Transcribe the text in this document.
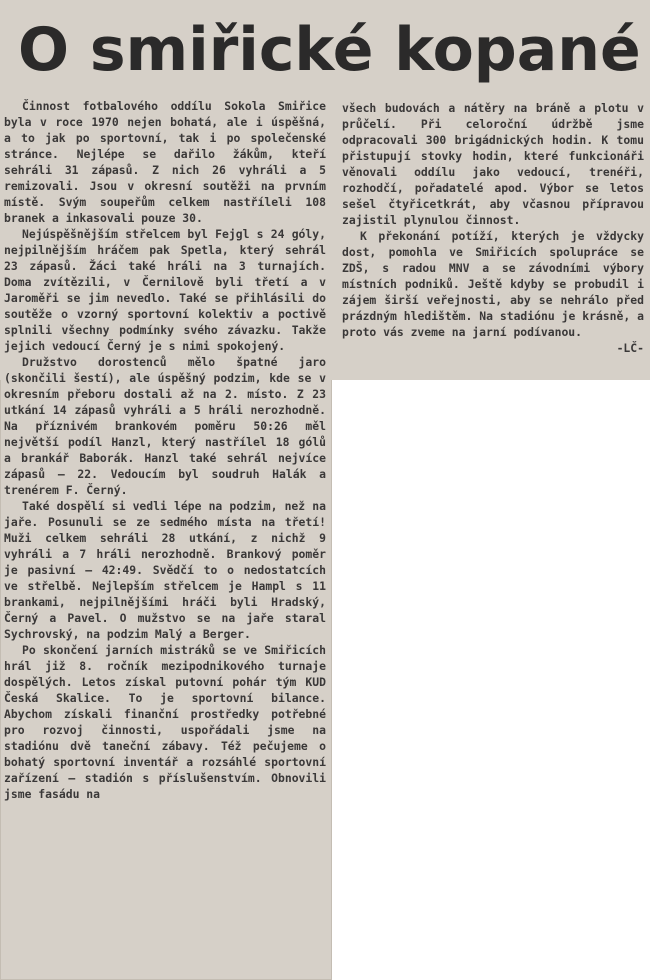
O smiřické kopané

Činnost fotbalového oddílu Sokola Smiřice byla v roce 1970 nejen bohatá, ale i úspěšná, a to jak po sportovní, tak i po společenské stránce. Nejlépe se dařilo žákům, kteří sehráli 31 zápasů. Z nich 26 vyhráli a 5 remizovali. Jsou v okresní soutěži na prvním místě. Svým soupeřům celkem nastříleli 108 branek a inkasovali pouze 30.

Nejúspěšnějším střelcem byl Fejgl s 24 góly, nejpilnějším hráčem pak Spetla, který sehrál 23 zápasů. Žáci také hráli na 3 turnajích. Doma zvítězili, v Černilově byli třetí a v Jaroměři se jim nevedlo. Také se přihlásili do soutěže o vzorný sportovní kolektiv a poctivě splnili všechny podmínky svého závazku. Takže jejich vedoucí Černý je s nimi spokojený.

Družstvo dorostenců mělo špatné jaro (skončili šestí), ale úspěšný podzim, kde se v okresním přeboru dostali až na 2. místo. Z 23 utkání 14 zápasů vyhráli a 5 hráli nerozhodně. Na příznivém brankovém poměru 50:26 měl největší podíl Hanzl, který nastřílel 18 gólů a brankář Baborák. Hanzl také sehrál nejvíce zápasů — 22. Vedoucím byl soudruh Halák a trenérem F. Černý.

Také dospělí si vedli lépe na podzim, než na jaře. Posunuli se ze sedmého místa na třetí! Muži celkem sehráli 28 utkání, z nichž 9 vyhráli a 7 hráli nerozhodně. Brankový poměr je pasivní — 42:49. Svědčí to o nedostatcích ve střelbě. Nejlepším střelcem je Hampl s 11 brankami, nejpilnějšími hráči byli Hradský, Černý a Pavel. O mužstvo se na jaře staral Sychrovský, na podzim Malý a Berger.

Po skončení jarních mistráků se ve Smiřicích hrál již 8. ročník mezipodnikového turnaje dospělých. Letos získal putovní pohár tým KUD Česká Skalice. To je sportovní bilance. Abychom získali finanční prostředky potřebné pro rozvoj činnosti, uspořádali jsme na stadiónu dvě taneční zábavy. Též pečujeme o bohatý sportovní inventář a rozsáhlé sportovní zařízení — stadión s příslušenstvím. Obnovili jsme fasádu na

všech budovách a nátěry na bráně a plotu v průčelí. Při celoroční údržbě jsme odpracovali 300 brigádnických hodin. K tomu přistupují stovky hodin, které funkcionáři věnovali oddílu jako vedoucí, trenéři, rozhodčí, pořadatelé apod. Výbor se letos sešel čtyřicetkrát, aby včasnou přípravou zajistil plynulou činnost.

K překonání potíží, kterých je vždycky dost, pomohla ve Smiřicích spolupráce se ZDŠ, s radou MNV a se závodními výbory místních podniků. Ještě kdyby se probudil i zájem širší veřejnosti, aby se nehrálo před prázdným hledištěm. Na stadiónu je krásně, a proto vás zveme na jarní podívanou.

-LČ-
